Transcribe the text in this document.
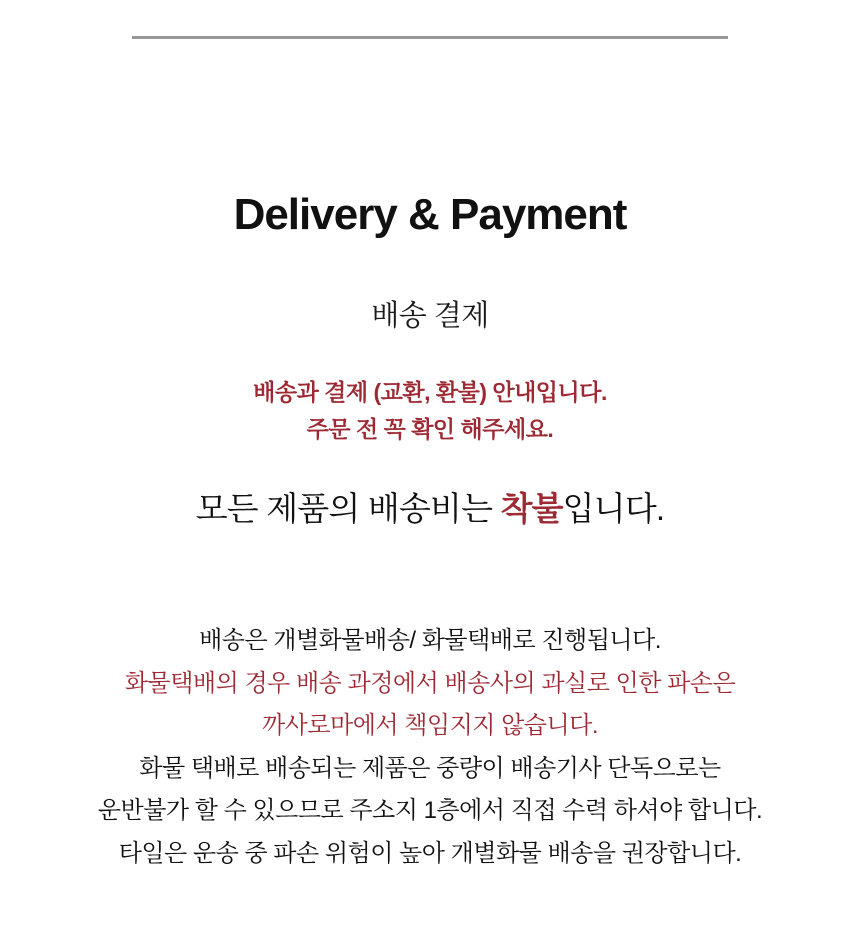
Delivery & Payment
배송 결제
배송과 결제 (교환, 환불) 안내입니다.
주문 전 꼭 확인 해주세요.
모든 제품의 배송비는 착불입니다.
배송은 개별화물배송/ 화물택배로 진행됩니다.
화물택배의 경우 배송 과정에서 배송사의 과실로 인한 파손은
까사로마에서 책임지지 않습니다.
화물 택배로 배송되는 제품은 중량이 배송기사 단독으로는
운반불가 할 수 있으므로 주소지 1층에서 직접 수력 하셔야 합니다.
타일은 운송 중 파손 위험이 높아 개별화물 배송을 권장합니다.
